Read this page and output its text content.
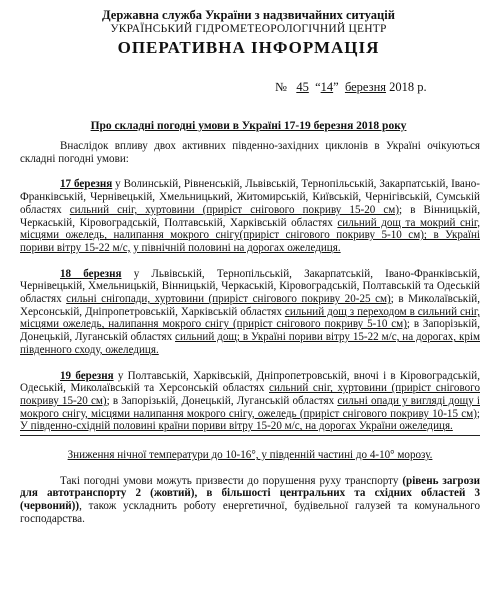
Державна служба України з надзвичайних ситуацій
УКРАЇНСЬКИЙ ГІДРОМЕТЕОРОЛОГІЧНИЙ ЦЕНТР
ОПЕРАТИВНА ІНФОРМАЦІЯ
№ 45  “14”  березня 2018 р.
Про складні погодні умови в Україні 17-19 березня 2018 року

Внаслідок впливу двох активних південно-західних циклонів в Україні очікуються складні погодні умови:

17 березня у Волинській, Рівненській, Львівській, Тернопільській, Закарпатській, Івано-Франківській, Чернівецькій, Хмельницький, Житомирській, Київській, Чернігівській, Сумській областях сильний сніг, хуртовини (приріст снігового покриву 15-20 см); в Вінницькій, Черкаській, Кіровоградській, Полтавській, Харківській областях сильний дощ та мокрий сніг, місцями ожеледь, налипання мокрого снігу(приріст снігового покриву 5-10 см); в Україні пориви вітру 15-22 м/с, у північній половині на дорогах ожеледиця.

18 березня у Львівській, Тернопільській, Закарпатській, Івано-Франківській, Чернівецькій, Хмельницькій, Вінницькій, Черкаській, Кіровоградській, Полтавській та Одеській областях сильні снігопади, хуртовини (приріст снігового покриву 20-25 см); в Миколаївській, Херсонській, Дніпропетровській, Харківській областях сильний дощ з переходом в сильний сніг, місцями ожеледь, налипання мокрого снігу (приріст снігового покриву 5-10 см); в Запорізькій, Донецькій, Луганській областях сильний дощ; в Україні пориви вітру 15-22 м/с, на дорогах, крім південного сходу, ожеледиця.

19 березня у Полтавській, Харківській, Дніпропетровській, вночі і в Кіровоградській, Одеській, Миколаївській та Херсонській областях сильний сніг, хуртовини (приріст снігового покриву 15-20 см); в Запорізькій, Донецькій, Луганській областях сильні опади у вигляді дощу і мокрого снігу, місцями налипання мокрого снігу, ожеледь (приріст снігового покриву 10-15 см); У південно-східній половині країни пориви вітру 15-20 м/с, на дорогах України ожеледиця.

Зниження нічної температури до 10-16°, у південній частині до 4-10° морозу.

Такі погодні умови можуть призвести до порушення руху транспорту (рівень загрози для автотранспорту 2 (жовтий), в більшості центральних та східних областей 3 (червоний)), також ускладнить роботу енергетичної, будівельної галузей та комунального господарства.
